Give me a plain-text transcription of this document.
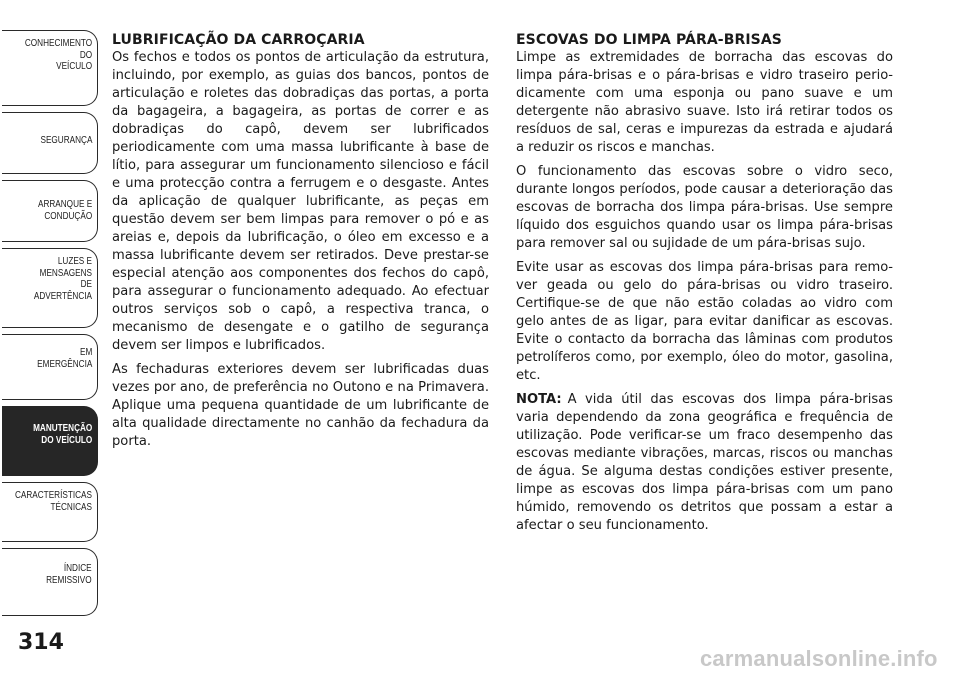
CONHECIMENTO
DO
VEÍCULO
SEGURANÇA
ARRANQUE E
CONDUÇÃO
LUZES E
MENSAGENS
DE
ADVERTÊNCIA
EM
EMERGÊNCIA
MANUTENÇÃO
DO VEÍCULO
CARACTERÍSTICAS
TÉCNICAS
ÍNDICE
REMISSIVO
314
LUBRIFICAÇÃO DA CARROÇARIA

Os fechos e todos os pontos de articulação da estrutura, incluindo, por exemplo, as guias dos bancos, pontos de articulação e roletes das dobradiças das portas, a porta da bagageira, a bagageira, as portas de correr e as dobradiças do capô, devem ser lubrificados periodicamente com uma massa lubrificante à base de lítio, para assegurar um funcionamento silencioso e fácil e uma protecção contra a ferrugem e o desgaste. Antes da aplicação de qualquer lubrificante, as peças em questão devem ser bem limpas para remover o pó e as areias e, depois da lubrificação, o óleo em excesso e a massa lubrificante devem ser retirados. Deve prestar-se especial atenção aos componentes dos fechos do capô, para assegurar o funcionamento adequado. Ao efectuar outros serviços sob o capô, a respectiva tranca, o mecanismo de desengate e o gatilho de segurança devem ser limpos e lubrificados.

As fechaduras exteriores devem ser lubrificadas duas vezes por ano, de preferência no Outono e na Primavera. Aplique uma pequena quantidade de um lubrificante de alta qualidade directamente no canhão da fechadura da porta.

ESCOVAS DO LIMPA PÁRA-BRISAS

Limpe as extremidades de borracha das escovas do limpa pára-brisas e o pára-brisas e vidro traseiro periodicamente com uma esponja ou pano suave e um detergente não abrasivo suave. Isto irá retirar todos os resíduos de sal, ceras e impurezas da estrada e ajudará a reduzir os riscos e manchas.

O funcionamento das escovas sobre o vidro seco, durante longos períodos, pode causar a deterioração das escovas de borracha dos limpa pára-brisas. Use sempre líquido dos esguichos quando usar os limpa pára-brisas para remover sal ou sujidade de um pára-brisas sujo.

Evite usar as escovas dos limpa pára-brisas para remover geada ou gelo do pára-brisas ou vidro traseiro. Certifique-se de que não estão coladas ao vidro com gelo antes de as ligar, para evitar danificar as escovas. Evite o contacto da borracha das lâminas com produtos petrolíferos como, por exemplo, óleo do motor, gasolina, etc.

NOTA: A vida útil das escovas dos limpa pára-brisas varia dependendo da zona geográfica e frequência de utilização. Pode verificar-se um fraco desempenho das escovas mediante vibrações, marcas, riscos ou manchas de água. Se alguma destas condições estiver presente, limpe as escovas dos limpa pára-brisas com um pano húmido, removendo os detritos que possam a estar a afectar o seu funcionamento.

carmanualsonline.info
